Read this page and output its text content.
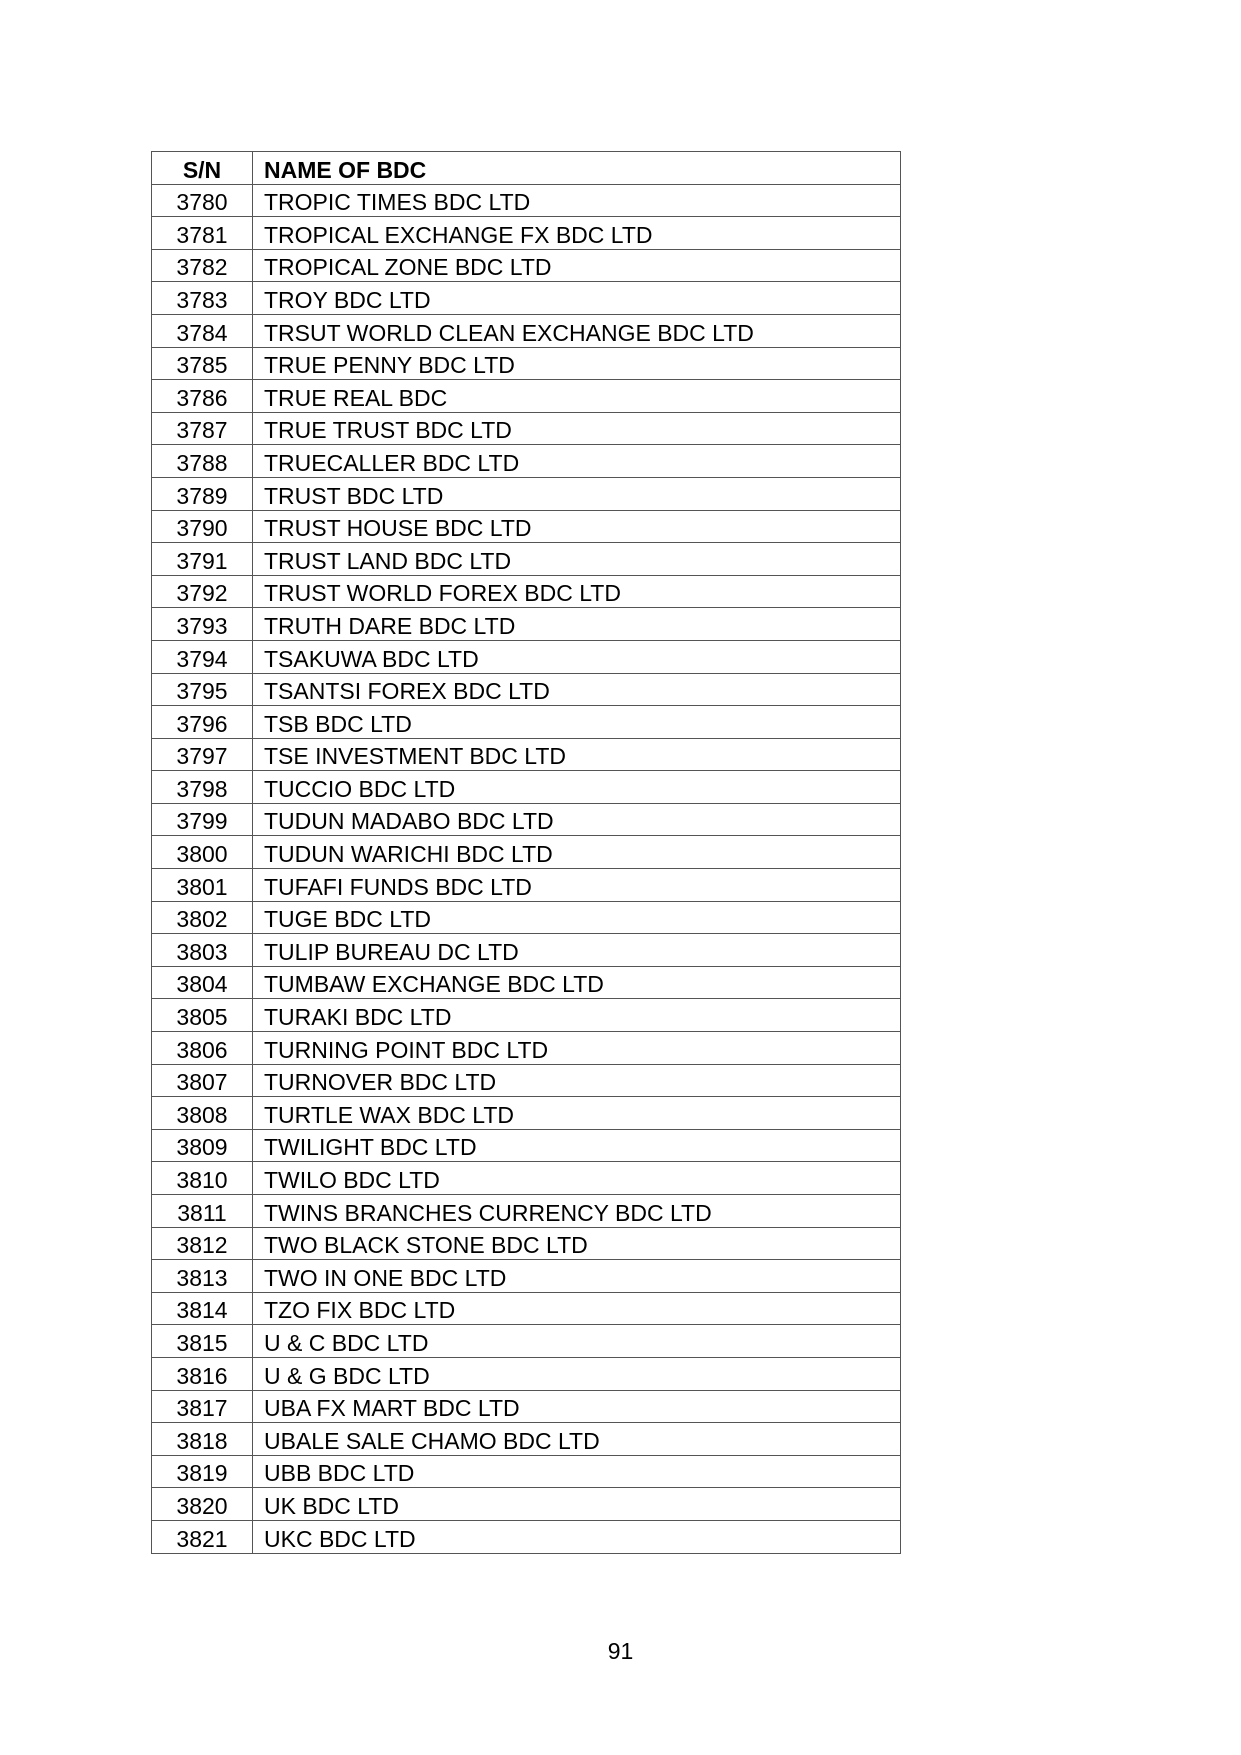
S/N	NAME OF BDC
3780	TROPIC TIMES BDC LTD
3781	TROPICAL EXCHANGE FX BDC LTD
3782	TROPICAL ZONE BDC LTD
3783	TROY BDC LTD
3784	TRSUT WORLD CLEAN EXCHANGE BDC LTD
3785	TRUE PENNY BDC LTD
3786	TRUE REAL BDC
3787	TRUE TRUST BDC LTD
3788	TRUECALLER BDC LTD
3789	TRUST BDC LTD
3790	TRUST HOUSE BDC LTD
3791	TRUST LAND BDC LTD
3792	TRUST WORLD FOREX BDC LTD
3793	TRUTH DARE BDC LTD
3794	TSAKUWA BDC LTD
3795	TSANTSI FOREX BDC LTD
3796	TSB BDC LTD
3797	TSE INVESTMENT BDC LTD
3798	TUCCIO BDC LTD
3799	TUDUN MADABO BDC LTD
3800	TUDUN WARICHI BDC LTD
3801	TUFAFI FUNDS BDC LTD
3802	TUGE BDC LTD
3803	TULIP BUREAU DC LTD
3804	TUMBAW EXCHANGE BDC LTD
3805	TURAKI BDC LTD
3806	TURNING POINT BDC LTD
3807	TURNOVER BDC LTD
3808	TURTLE WAX BDC LTD
3809	TWILIGHT BDC LTD
3810	TWILO BDC LTD
3811	TWINS BRANCHES CURRENCY BDC LTD
3812	TWO BLACK STONE BDC LTD
3813	TWO IN ONE BDC LTD
3814	TZO FIX BDC LTD
3815	U & C BDC LTD
3816	U & G BDC LTD
3817	UBA FX MART BDC LTD
3818	UBALE SALE CHAMO BDC LTD
3819	UBB BDC LTD
3820	UK BDC LTD
3821	UKC BDC LTD
91
